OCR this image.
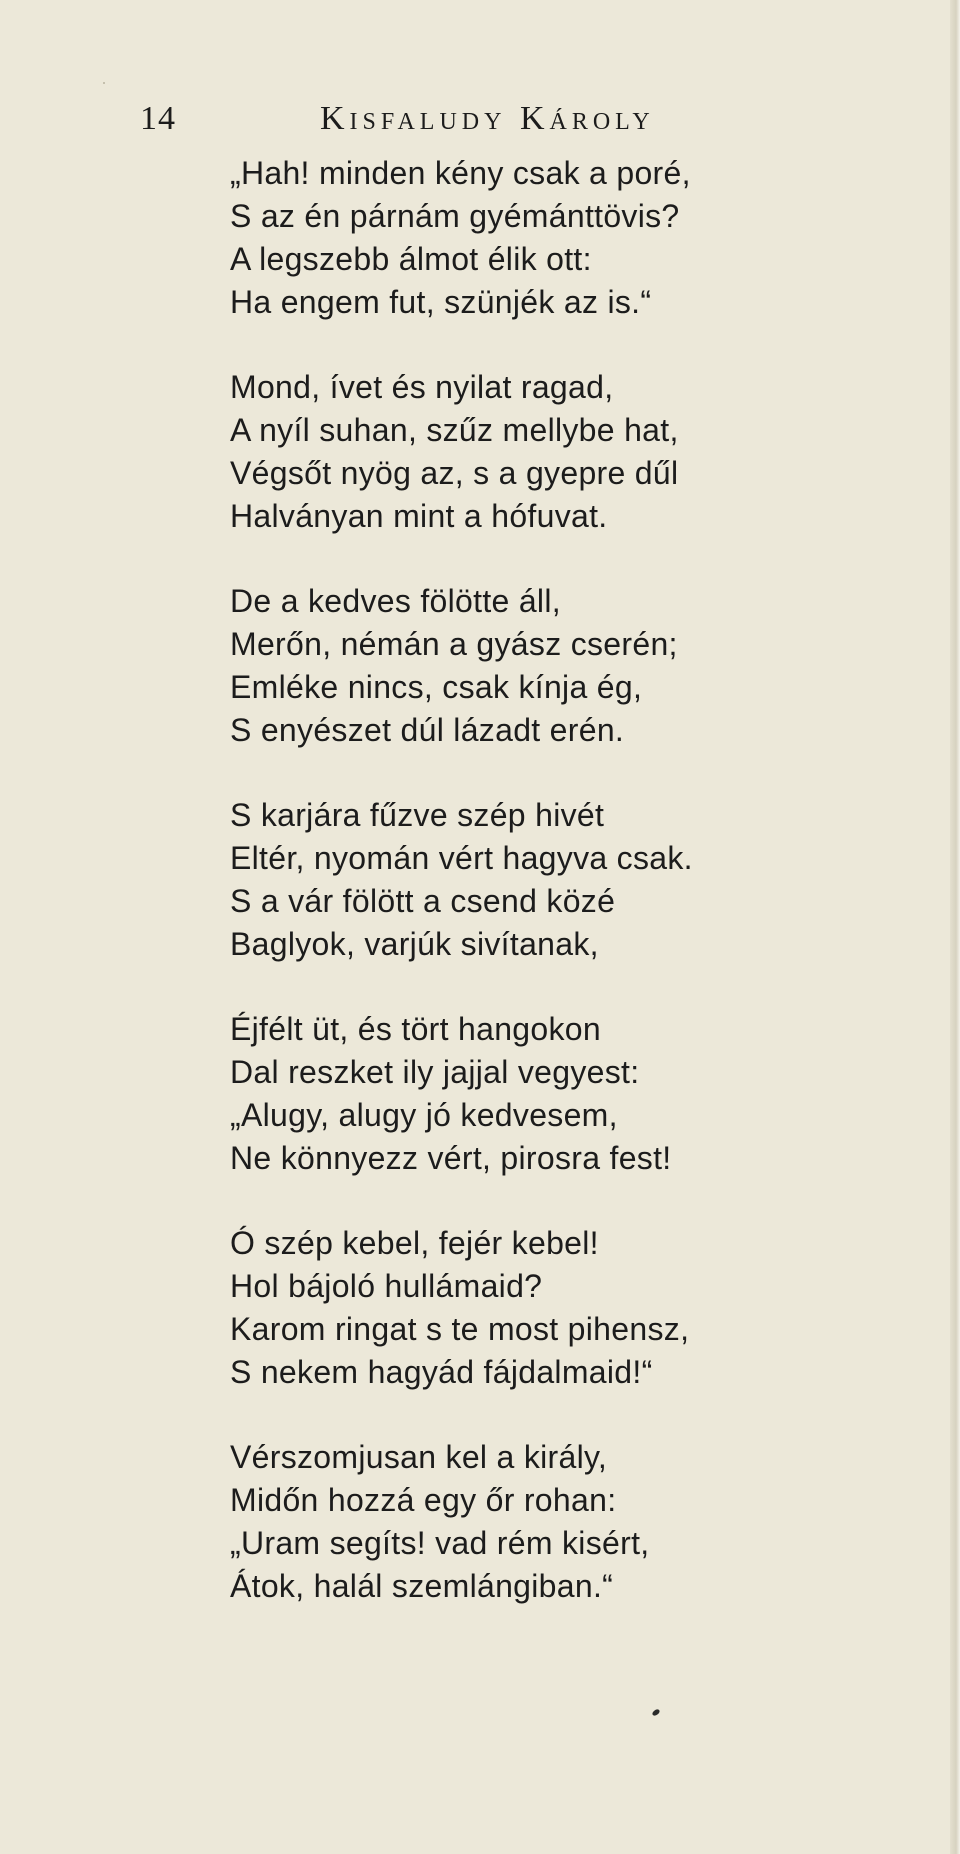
14	Kisfaludy Károly
„Hah! minden kény csak a poré,
S az én párnám gyémánttövis?
A legszebb álmot élik ott:
Ha engem fut, szünjék az is.“
Mond, ívet és nyilat ragad,
A nyíl suhan, szűz mellybe hat,
Végsőt nyög az, s a gyepre dűl
Halványan mint a hófuvat.
De a kedves fölötte áll,
Merőn, némán a gyász cserén;
Emléke nincs, csak kínja ég,
S enyészet dúl lázadt erén.
S karjára fűzve szép hivét
Eltér, nyomán vért hagyva csak.
S a vár fölött a csend közé
Baglyok, varjúk sivítanak,
Éjfélt üt, és tört hangokon
Dal reszket ily jajjal vegyest:
„Alugy, alugy jó kedvesem,
Ne könnyezz vért, pirosra fest!
Ó szép kebel, fejér kebel!
Hol bájoló hullámaid?
Karom ringat s te most pihensz,
S nekem hagyád fájdalmaid!“
Vérszomjusan kel a király,
Midőn hozzá egy őr rohan:
„Uram segíts! vad rém kisért,
Átok, halál szemlángiban.“
